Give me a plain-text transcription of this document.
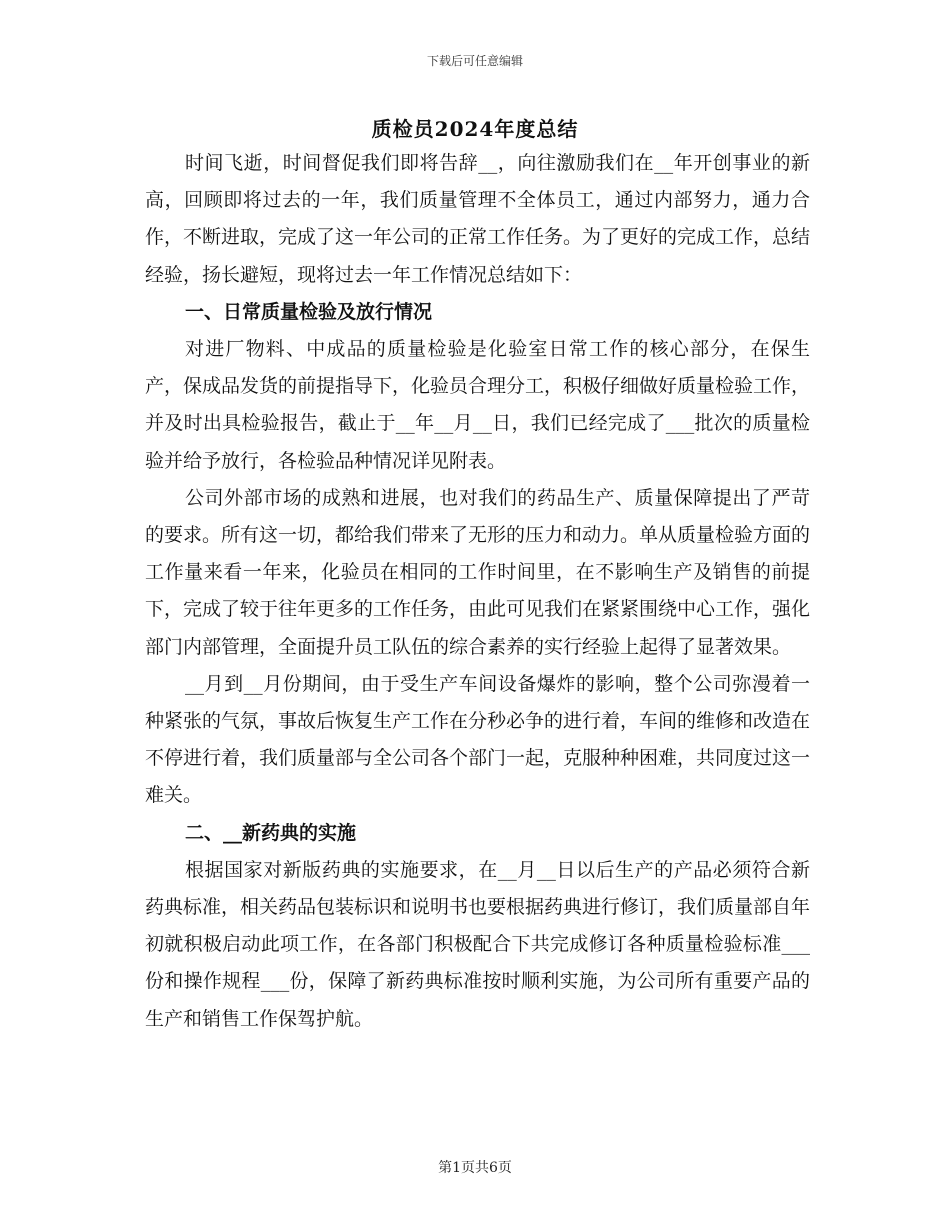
下载后可任意编辑
质检员2024年度总结

时间飞逝，时间督促我们即将告辞__，向往激励我们在__年开创事业的新高，回顾即将过去的一年，我们质量管理不全体员工，通过内部努力，通力合作，不断进取，完成了这一年公司的正常工作任务。为了更好的完成工作，总结经验，扬长避短，现将过去一年工作情况总结如下：

一、日常质量检验及放行情况

对进厂物料、中成品的质量检验是化验室日常工作的核心部分，在保生产，保成品发货的前提指导下，化验员合理分工，积极仔细做好质量检验工作，并及时出具检验报告，截止于__年__月__日，我们已经完成了___批次的质量检验并给予放行，各检验品种情况详见附表。

公司外部市场的成熟和进展，也对我们的药品生产、质量保障提出了严苛的要求。所有这一切，都给我们带来了无形的压力和动力。单从质量检验方面的工作量来看一年来，化验员在相同的工作时间里，在不影响生产及销售的前提下，完成了较于往年更多的工作任务，由此可见我们在紧紧围绕中心工作，强化部门内部管理，全面提升员工队伍的综合素养的实行经验上起得了显著效果。

__月到__月份期间，由于受生产车间设备爆炸的影响，整个公司弥漫着一种紧张的气氛，事故后恢复生产工作在分秒必争的进行着，车间的维修和改造在不停进行着，我们质量部与全公司各个部门一起，克服种种困难，共同度过这一难关。

二、__新药典的实施

根据国家对新版药典的实施要求，在__月__日以后生产的产品必须符合新药典标准，相关药品包装标识和说明书也要根据药典进行修订，我们质量部自年初就积极启动此项工作，在各部门积极配合下共完成修订各种质量检验标准___份和操作规程___份，保障了新药典标准按时顺利实施，为公司所有重要产品的生产和销售工作保驾护航。

第1页共6页
